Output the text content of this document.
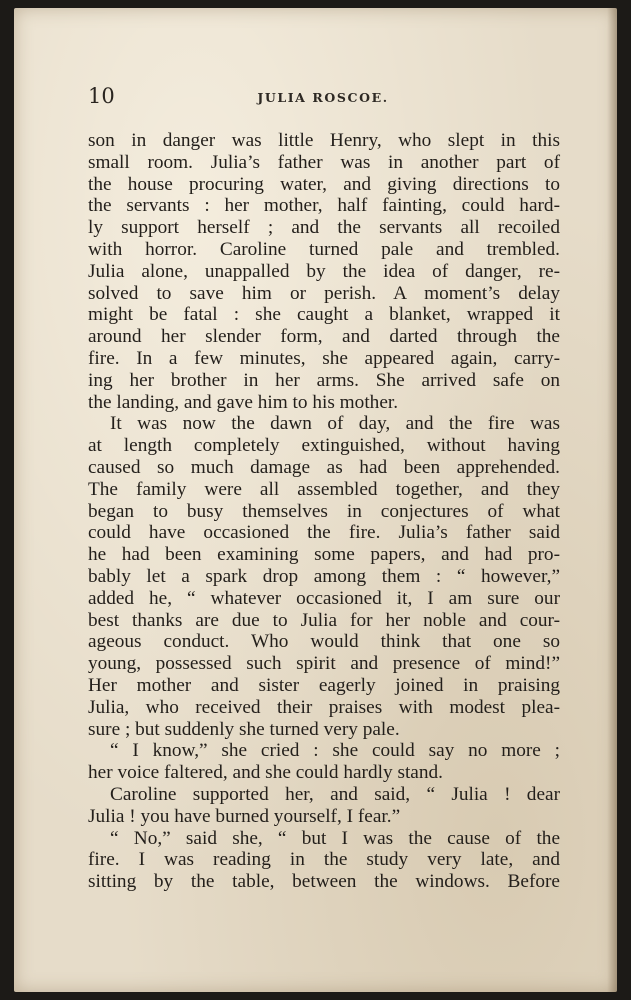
10	JULIA ROSCOE.
son in danger was little Henry, who slept in this
small room. Julia’s father was in another part of
the house procuring water, and giving directions to
the servants : her mother, half fainting, could hard-
ly support herself ; and the servants all recoiled
with horror. Caroline turned pale and trembled.
Julia alone, unappalled by the idea of danger, re-
solved to save him or perish. A moment’s delay
might be fatal : she caught a blanket, wrapped it
around her slender form, and darted through the
fire. In a few minutes, she appeared again, carry-
ing her brother in her arms. She arrived safe on
the landing, and gave him to his mother.
It was now the dawn of day, and the fire was
at length completely extinguished, without having
caused so much damage as had been apprehended.
The family were all assembled together, and they
began to busy themselves in conjectures of what
could have occasioned the fire. Julia’s father said
he had been examining some papers, and had pro-
bably let a spark drop among them : “ however,”
added he, “ whatever occasioned it, I am sure our
best thanks are due to Julia for her noble and cour-
ageous conduct. Who would think that one so
young, possessed such spirit and presence of mind!”
Her mother and sister eagerly joined in praising
Julia, who received their praises with modest plea-
sure ; but suddenly she turned very pale.
“ I know,” she cried : she could say no more ;
her voice faltered, and she could hardly stand.
Caroline supported her, and said, “ Julia ! dear
Julia ! you have burned yourself, I fear.”
“ No,” said she, “ but I was the cause of the
fire. I was reading in the study very late, and
sitting by the table, between the windows. Before
